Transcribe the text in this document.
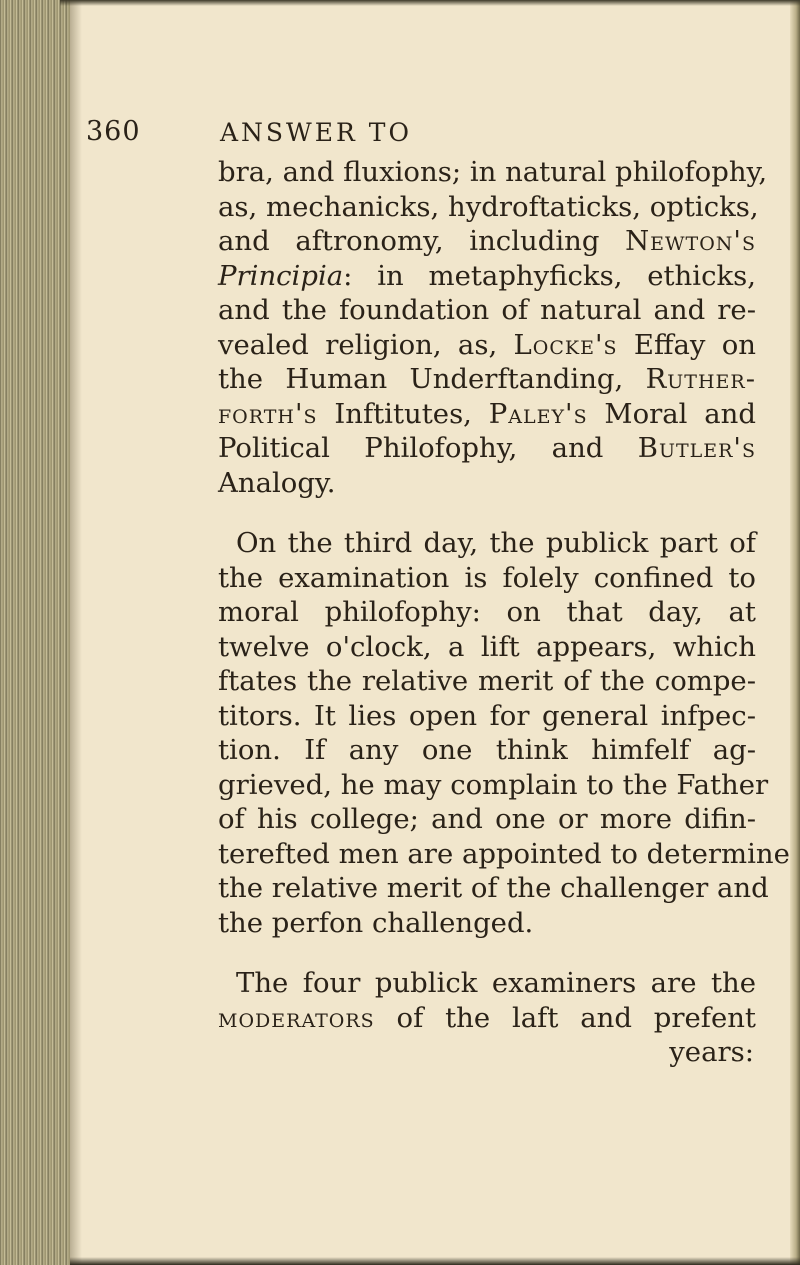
360	ANSWER TO
bra, and fluxions; in natural philofophy,
as, mechanicks, hydroftaticks, opticks,
and aftronomy, including Newton's
Principia: in metaphyficks, ethicks,
and the foundation of natural and re-
vealed religion, as, Locke's Effay on
the Human Underftanding, Ruther-
forth's Inftitutes, Paley's Moral and
Political Philofophy, and Butler's
Analogy.
On the third day, the publick part of
the examination is folely confined to
moral philofophy: on that day, at
twelve o'clock, a lift appears, which
ftates the relative merit of the compe-
titors. It lies open for general infpec-
tion. If any one think himfelf ag-
grieved, he may complain to the Father
of his college; and one or more difin-
terefted men are appointed to determine
the relative merit of the challenger and
the perfon challenged.
The four publick examiners are the
moderators of the laft and prefent
years:
